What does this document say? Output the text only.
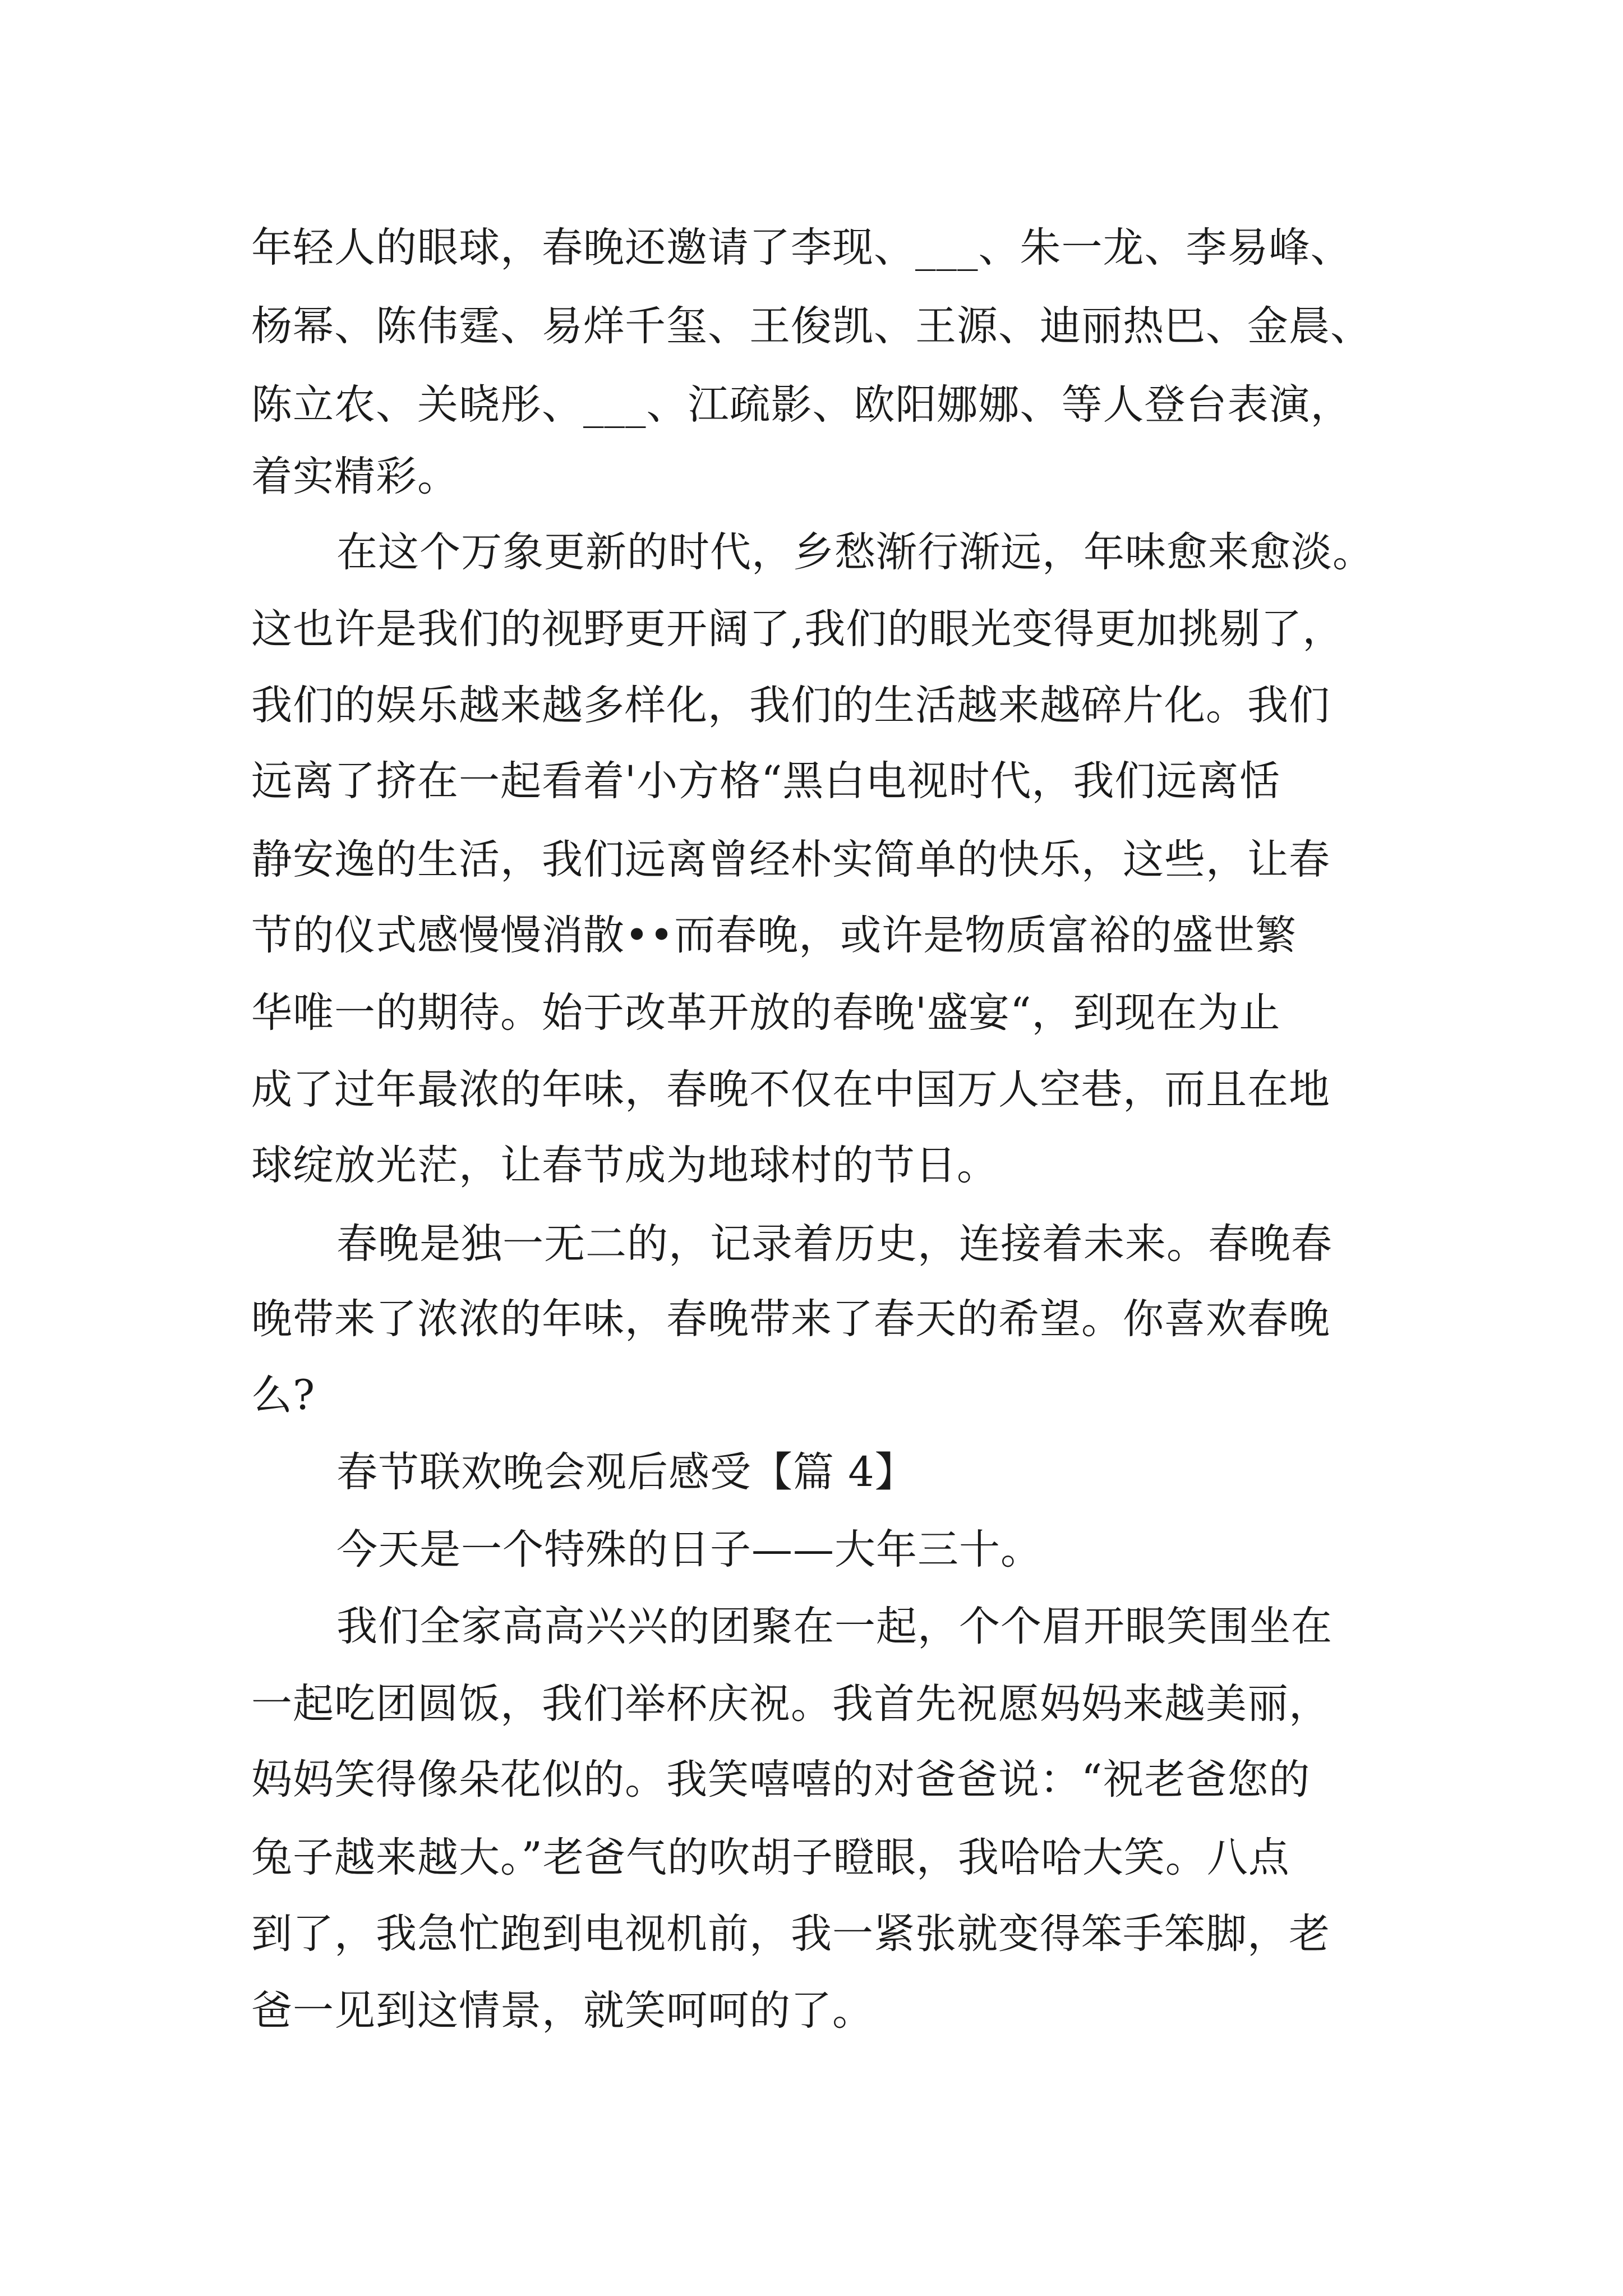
年轻人的眼球，春晚还邀请了李现、___、朱一龙、李易峰、
杨幂、陈伟霆、易烊千玺、王俊凯、王源、迪丽热巴、金晨、
陈立农、关晓彤、___、江疏影、欧阳娜娜、等人登台表演，
着实精彩。
在这个万象更新的时代，乡愁渐行渐远，年味愈来愈淡。
这也许是我们的视野更开阔了,我们的眼光变得更加挑剔了，
我们的娱乐越来越多样化，我们的生活越来越碎片化。我们
远离了挤在一起看着'小方格“黑白电视时代，我们远离恬
静安逸的生活，我们远离曾经朴实简单的快乐，这些，让春
节的仪式感慢慢消散••而春晚，或许是物质富裕的盛世繁
华唯一的期待。始于改革开放的春晚'盛宴“，到现在为止
成了过年最浓的年味，春晚不仅在中国万人空巷，而且在地
球绽放光茫，让春节成为地球村的节日。
春晚是独一无二的，记录着历史，连接着未来。春晚春
晚带来了浓浓的年味，春晚带来了春天的希望。你喜欢春晚
么?
春节联欢晚会观后感受【篇 4】
今天是一个特殊的日子——大年三十。
我们全家高高兴兴的团聚在一起，个个眉开眼笑围坐在
一起吃团圆饭，我们举杯庆祝。我首先祝愿妈妈来越美丽，
妈妈笑得像朵花似的。我笑嘻嘻的对爸爸说：“祝老爸您的
兔子越来越大。”老爸气的吹胡子瞪眼，我哈哈大笑。八点
到了，我急忙跑到电视机前，我一紧张就变得笨手笨脚，老
爸一见到这情景，就笑呵呵的了。
